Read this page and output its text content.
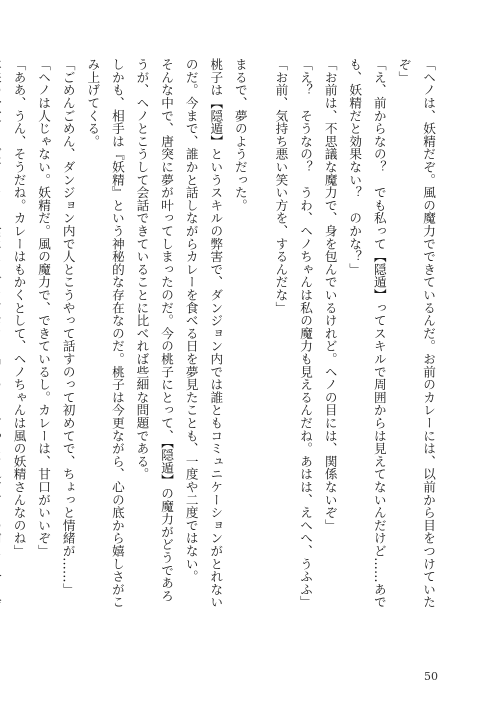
「ヘノは、妖精だぞ。風の魔力でできているんだ。お前のカレーには、以前から目をつけていた
ぞ」
「え、前からなの？　でも私って【隠遁】ってスキルで周囲からは見えてないんだけど……あで
も、妖精だと効果ない？　のかな？」
「お前は、不思議な魔力で、身を包んでいるけれど。ヘノの目には、関係ないぞ」
「え？　そうなの？　うわ、ヘノちゃんは私の魔力も見えるんだね。あはは、えへへ、うふふ」
「お前、気持ち悪い笑い方を、するんだな」
まるで、夢のようだった。
桃子は【隠遁】というスキルの弊害で、ダンジョン内では誰ともコミュニケーションがとれない
のだ。今まで、誰かと話しながらカレーを食べる日を夢見たことも、一度や二度ではない。
そんな中で、唐突に夢が叶ってしまったのだ。今の桃子にとって、【隠遁】の魔力がどうであろ
うが、ヘノとこうして会話できていることに比べれば些細な問題である。
しかも、相手は『妖精』という神秘的な存在なのだ。桃子は今更ながら、心の底から嬉しさがこ
み上げてくる。
「ごめんごめん、ダンジョン内で人とこうやって話すのって初めてで、ちょっと情緒が……」
「ヘノは人じゃない。妖精だ。風の魔力で、できているし。カレーは、甘口がいいぞ」
「ああ、うん、そうだね。カレーはもかくとして、ヘノちゃんは風の妖精さんなのね」
50
